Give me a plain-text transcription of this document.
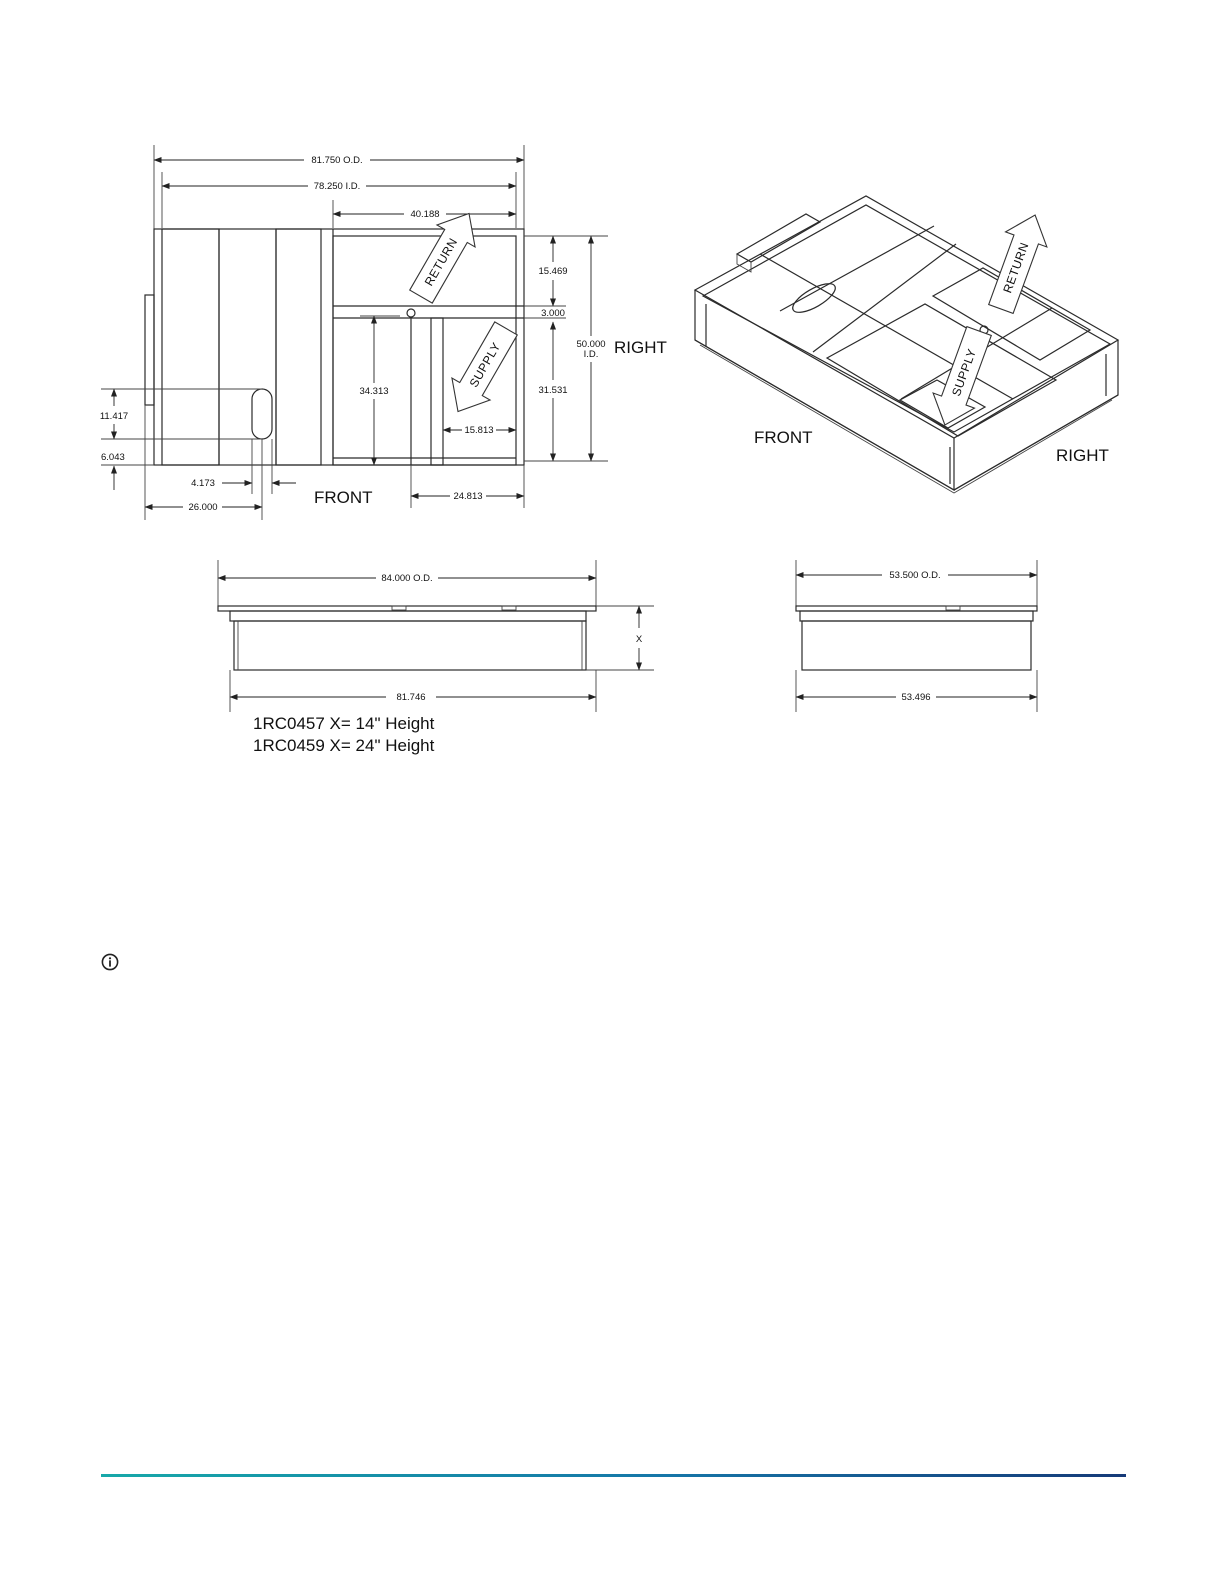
81.750 O.D.
78.250 I.D.
40.188
15.469
3.000
31.531
50.000
I.D. RIGHT
34.313
15.813
24.813
FRONT
11.417
6.043
4.173
26.000
RETURN
SUPPLY
RETURN
SUPPLY
FRONT
RIGHT
84.000 O.D.
X
81.746
1RC0457 X= 14" Height
1RC0459 X= 24" Height
53.500 O.D.
53.496
